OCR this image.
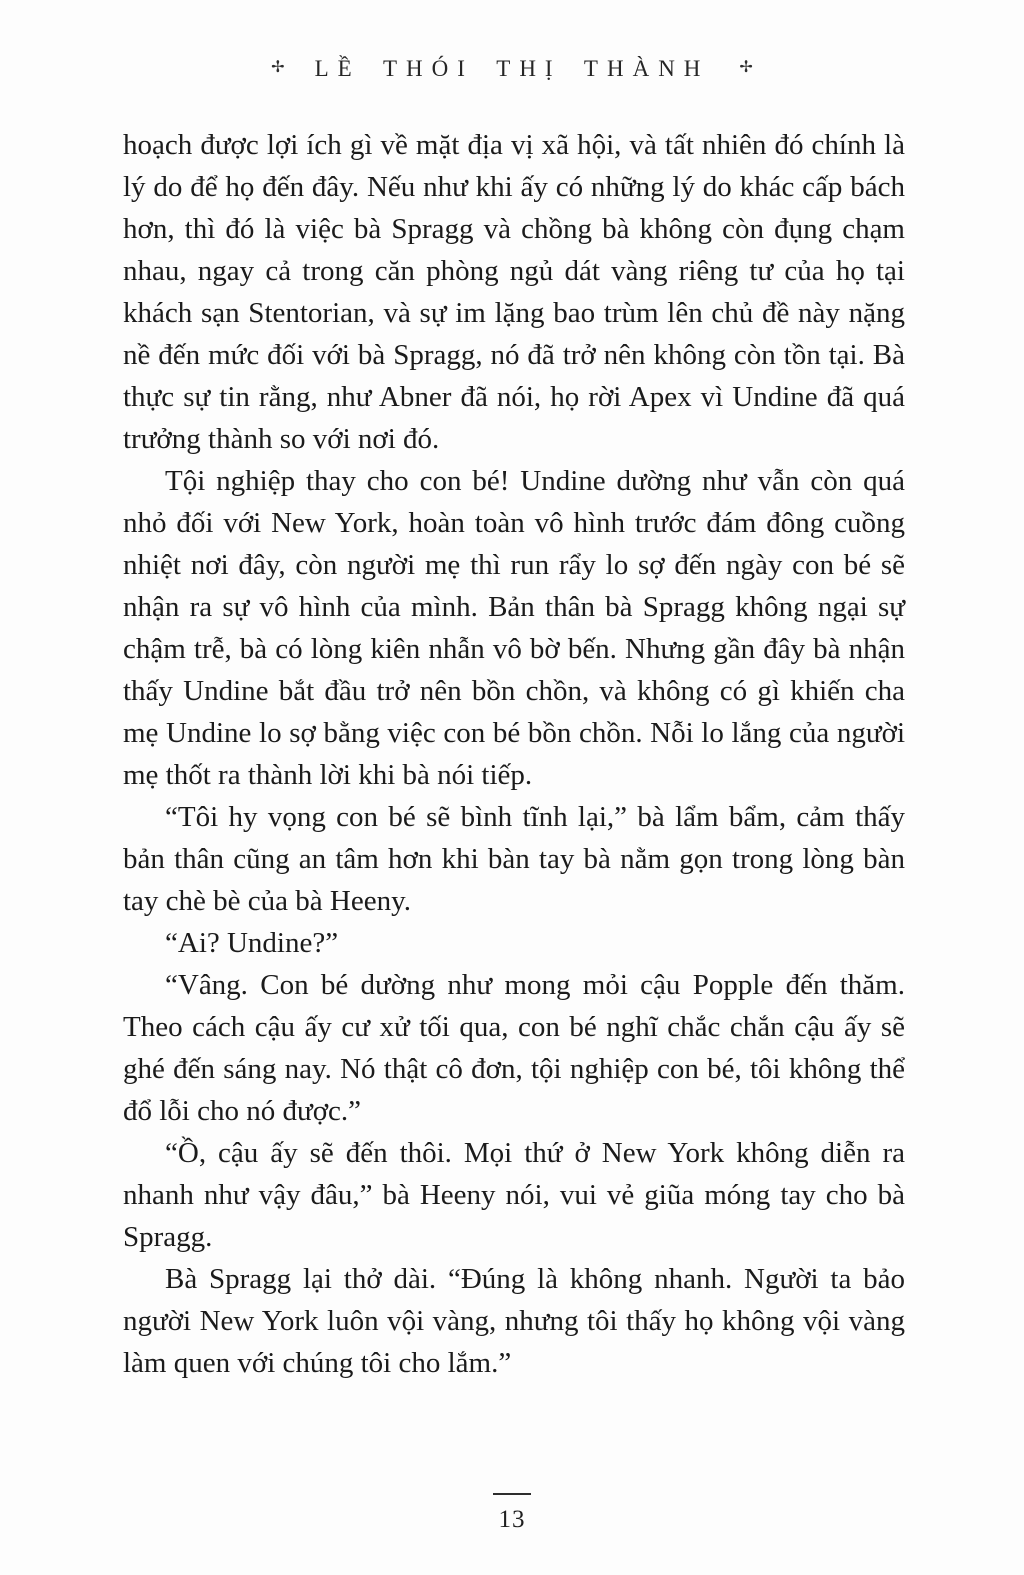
✢ LỀ THÓI THỊ THÀNH ✢

hoạch được lợi ích gì về mặt địa vị xã hội, và tất nhiên đó chính là lý do để họ đến đây. Nếu như khi ấy có những lý do khác cấp bách hơn, thì đó là việc bà Spragg và chồng bà không còn đụng chạm nhau, ngay cả trong căn phòng ngủ dát vàng riêng tư của họ tại khách sạn Stentorian, và sự im lặng bao trùm lên chủ đề này nặng nề đến mức đối với bà Spragg, nó đã trở nên không còn tồn tại. Bà thực sự tin rằng, như Abner đã nói, họ rời Apex vì Undine đã quá trưởng thành so với nơi đó.

Tội nghiệp thay cho con bé! Undine dường như vẫn còn quá nhỏ đối với New York, hoàn toàn vô hình trước đám đông cuồng nhiệt nơi đây, còn người mẹ thì run rẩy lo sợ đến ngày con bé sẽ nhận ra sự vô hình của mình. Bản thân bà Spragg không ngại sự chậm trễ, bà có lòng kiên nhẫn vô bờ bến. Nhưng gần đây bà nhận thấy Undine bắt đầu trở nên bồn chồn, và không có gì khiến cha mẹ Undine lo sợ bằng việc con bé bồn chồn. Nỗi lo lắng của người mẹ thốt ra thành lời khi bà nói tiếp.

“Tôi hy vọng con bé sẽ bình tĩnh lại,” bà lẩm bẩm, cảm thấy bản thân cũng an tâm hơn khi bàn tay bà nằm gọn trong lòng bàn tay chè bè của bà Heeny.

“Ai? Undine?”

“Vâng. Con bé dường như mong mỏi cậu Popple đến thăm. Theo cách cậu ấy cư xử tối qua, con bé nghĩ chắc chắn cậu ấy sẽ ghé đến sáng nay. Nó thật cô đơn, tội nghiệp con bé, tôi không thể đổ lỗi cho nó được.”

“Ồ, cậu ấy sẽ đến thôi. Mọi thứ ở New York không diễn ra nhanh như vậy đâu,” bà Heeny nói, vui vẻ giũa móng tay cho bà Spragg.

Bà Spragg lại thở dài. “Đúng là không nhanh. Người ta bảo người New York luôn vội vàng, nhưng tôi thấy họ không vội vàng làm quen với chúng tôi cho lắm.”

13
